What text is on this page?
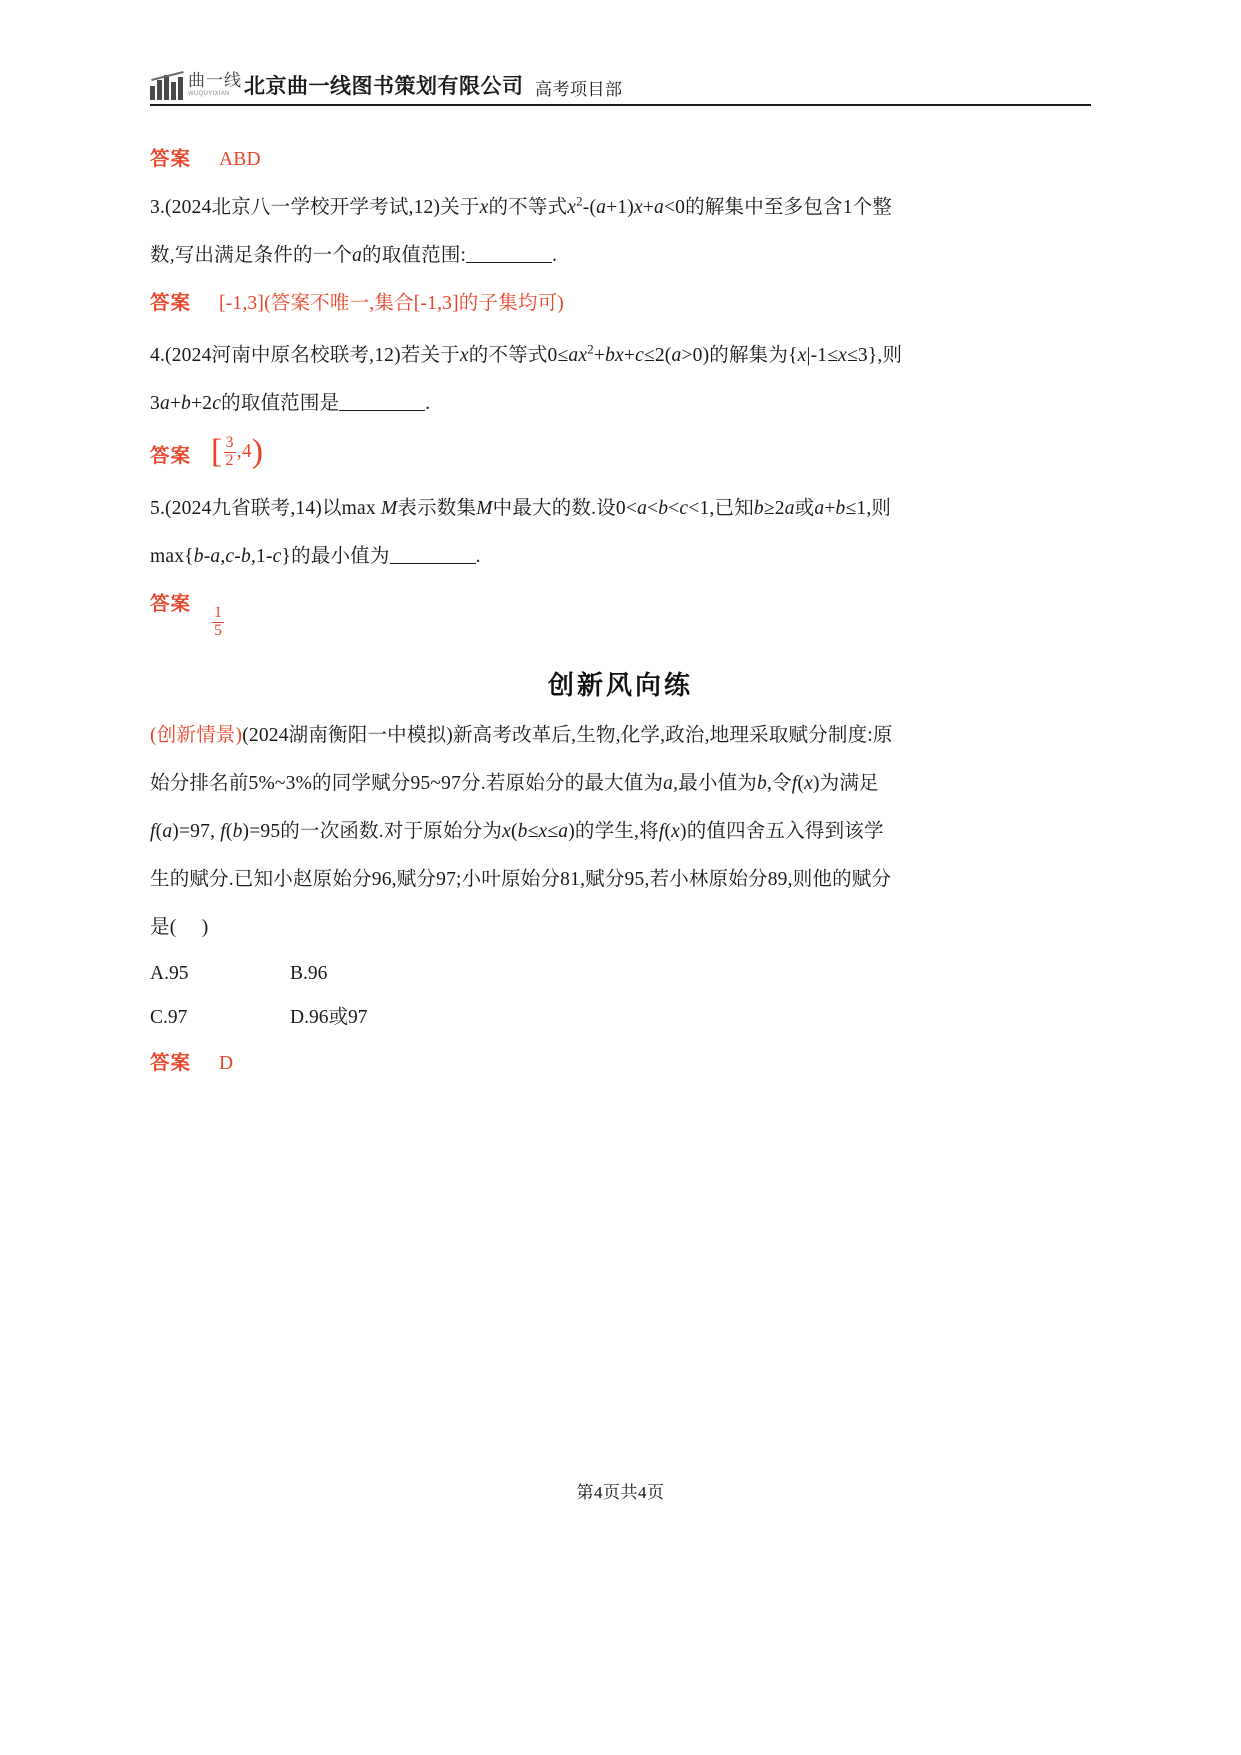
曲一线
WUQUYIXIAN 北京曲一线图书策划有限公司 高考项目部
答案 ABD
3.(2024北京八一学校开学考试,12)关于x的不等式$x^2-(a+1)x+a<0$的解集中至多包含1个整
数,写出满足条件的一个a的取值范围:	.
答案 [-1,3](答案不唯一,集合[-1,3]的子集均可)
4.(2024河南中原名校联考,12)若关于x的不等式$0\le ax^2+bx+c\le 2(a>0)$的解集为{x|-1≤x≤3},则
3a+b+2c的取值范围是	.
答案 [ $\frac{3}{2} ,4$ )
5.(2024九省联考,14)以max M表示数集M中最大的数.设0<a<b<c<1,已知b≥2a或a+b≤1,则
max{b-a,c-b,1-c}的最小值为	.
答案
$\frac{1}{5}$
创新风向练
(创新情景)(2024湖南衡阳一中模拟)新高考改革后,生物,化学,政治,地理采取赋分制度:原
始分排名前5%~3%的同学赋分95~97分.若原始分的最大值为a,最小值为b,令f(x)为满足
f(a)=97, f(b)=95的一次函数.对于原始分为x(b≤x≤a)的学生,将f(x)的值四舍五入得到该学
生的赋分.已知小赵原始分96,赋分97;小叶原始分81,赋分95,若小林原始分89,则他的赋分
是(     )
A.95	B.96
C.97	D.96或97
答案 D
第4页共4页
